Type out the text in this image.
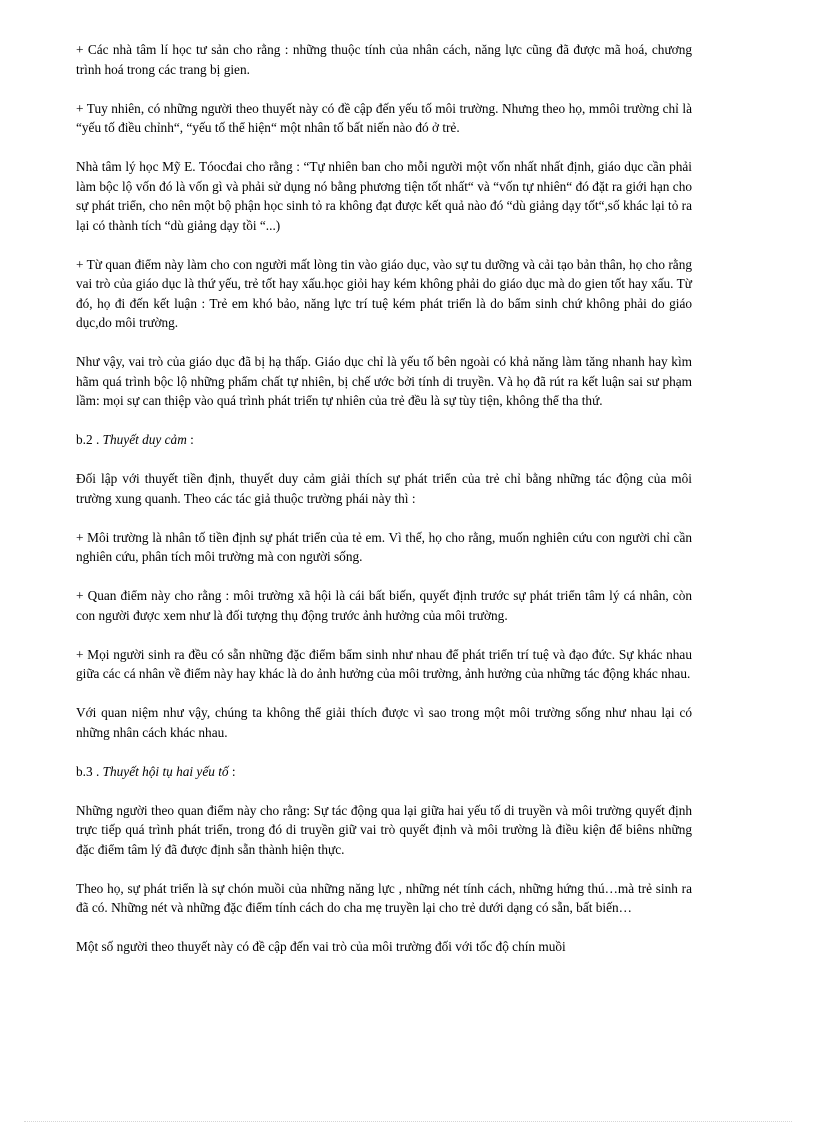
+ Các nhà tâm lí học tư sản cho rằng : những thuộc tính của nhân cách, năng lực cũng đã được mã hoá, chương trình hoá trong các trang bị gien.

+ Tuy nhiên, có những người theo thuyết này có đề cập đến yếu tố môi trường. Nhưng theo họ, mmôi trường chỉ là “yếu tố điều chỉnh“, “yếu tố thể hiện“ một nhân tố bất niến nào đó ở trẻ.

Nhà tâm lý học Mỹ E. Tóocđai cho rằng : “Tự nhiên ban cho mỗi người một vốn nhất nhất định, giáo dục cần phải làm bộc lộ vốn đó là vốn gì và phải sử dụng nó bằng phương tiện tốt nhất“ và “vốn tự nhiên“ đó đặt ra giới hạn cho sự phát triển, cho nên một bộ phận học sinh tỏ ra không đạt được kết quả nào đó “dù giảng dạy tốt“,số khác lại tỏ ra lại có thành tích “dù giảng dạy tồi “...)

+ Từ quan điểm này làm cho con người mất lòng tin vào giáo dục, vào sự tu dưỡng và cải tạo bản thân, họ cho rằng vai trò của giáo dục là thứ yếu, trẻ tốt hay xấu.học giỏi hay kém không phải do giáo dục mà do gien tốt hay xấu. Từ đó, họ đi đến kết luận : Trẻ em khó bảo, năng lực trí tuệ kém phát triển là do bẩm sinh chứ không phải do giáo dục,do môi trường.

Như vậy, vai trò của giáo dục đã bị hạ thấp. Giáo dục chỉ là yếu tố bên ngoài có khả năng làm tăng nhanh hay kìm hãm quá trình bộc lộ những phẩm chất tự nhiên, bị chế ước bởi tính di truyền. Và họ đã rút ra kết luận sai sư phạm lầm: mọi sự can thiệp vào quá trình phát triển tự nhiên của trẻ đều là sự tùy tiện, không thể tha thứ.

b.2 . Thuyết duy cảm :

Đối lập với thuyết tiền định, thuyết duy cảm giải thích sự phát triển của trẻ chỉ bằng những tác động của môi trường xung quanh. Theo các tác giả thuộc trường phái này thì :

+ Môi trường là nhân tố tiền định sự phát triển của tẻ em. Vì thế, họ cho rằng, muốn nghiên cứu con người chỉ cần nghiên cứu, phân tích môi trường mà con người sống.

+ Quan điểm này cho rằng : môi trường xã hội là cái bất biến, quyết định trước sự phát triển tâm lý cá nhân, còn con người được xem như là đối tượng thụ động trước ảnh hưởng của môi trường.

+ Mọi người sinh ra đều có sẵn những đặc điểm bẩm sinh như nhau để phát triển trí tuệ và đạo đức. Sự khác nhau giữa các cá nhân về điểm này hay khác là do ảnh hưởng của môi trường, ảnh hưởng của những tác động khác nhau.

Với quan niệm như vậy, chúng ta không thể giải thích được vì sao trong một môi trường sống như nhau lại có những nhân cách khác nhau.

b.3 . Thuyết hội tụ hai yếu tố :

Những người theo quan điểm này cho rằng: Sự tác động qua lại giữa hai yếu tố di truyền và môi trường quyết định trực tiếp quá trình phát triển, trong đó di truyền giữ vai trò quyết định và môi trường là điều kiện để biêns những đặc điểm tâm lý đã được định sẵn thành hiện thực.

Theo họ, sự phát triển là sự chón muồi của những năng lực , những nét tính cách, những hứng thú…mà trẻ sinh ra đã có. Những nét và những đặc điểm tính cách do cha mẹ truyền lại cho trẻ dưới dạng có sẵn, bất biến…

Một số người theo thuyết này có đề cập đến vai trò của môi trường đối với tốc độ chín muồi
